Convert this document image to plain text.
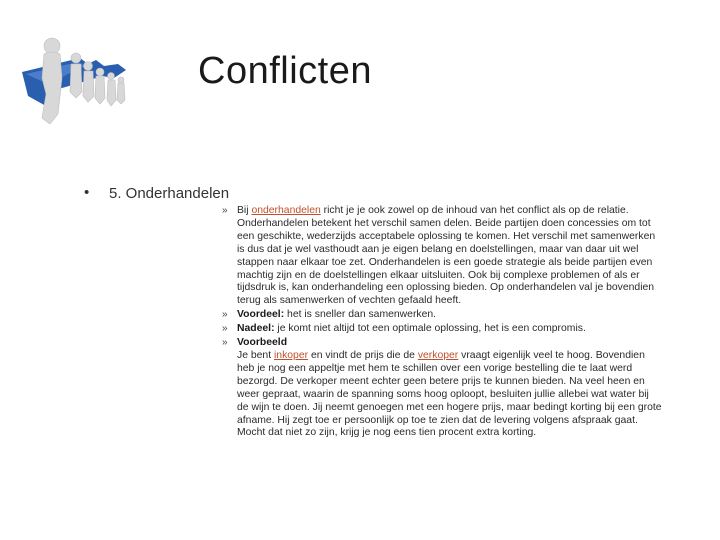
Conflicten
• 5. Onderhandelen
» Bij onderhandelen richt je je ook zowel op de inhoud van het conflict als op de relatie. Onderhandelen betekent het verschil samen delen. Beide partijen doen concessies om tot een geschikte, wederzijds acceptabele oplossing te komen. Het verschil met samenwerken is dus dat je wel vasthoudt aan je eigen belang en doelstellingen, maar van daar uit wel stappen naar elkaar toe zet. Onderhandelen is een goede strategie als beide partijen even machtig zijn en de doelstellingen elkaar uitsluiten. Ook bij complexe problemen of als er tijdsdruk is, kan onderhandeling een oplossing bieden. Op onderhandelen val je bovendien terug als samenwerken of vechten gefaald heeft.

» Voordeel: het is sneller dan samenwerken.

» Nadeel: je komt niet altijd tot een optimale oplossing, het is een compromis.

» Voorbeeld
Je bent inkoper en vindt de prijs die de verkoper vraagt eigenlijk veel te hoog. Bovendien heb je nog een appeltje met hem te schillen over een vorige bestelling die te laat werd bezorgd. De verkoper meent echter geen betere prijs te kunnen bieden. Na veel heen en weer gepraat, waarin de spanning soms hoog oploopt, besluiten jullie allebei wat water bij de wijn te doen. Jij neemt genoegen met een hogere prijs, maar bedingt korting bij een grote afname. Hij zegt toe er persoonlijk op toe te zien dat de levering volgens afspraak gaat. Mocht dat niet zo zijn, krijg je nog eens tien procent extra korting.
